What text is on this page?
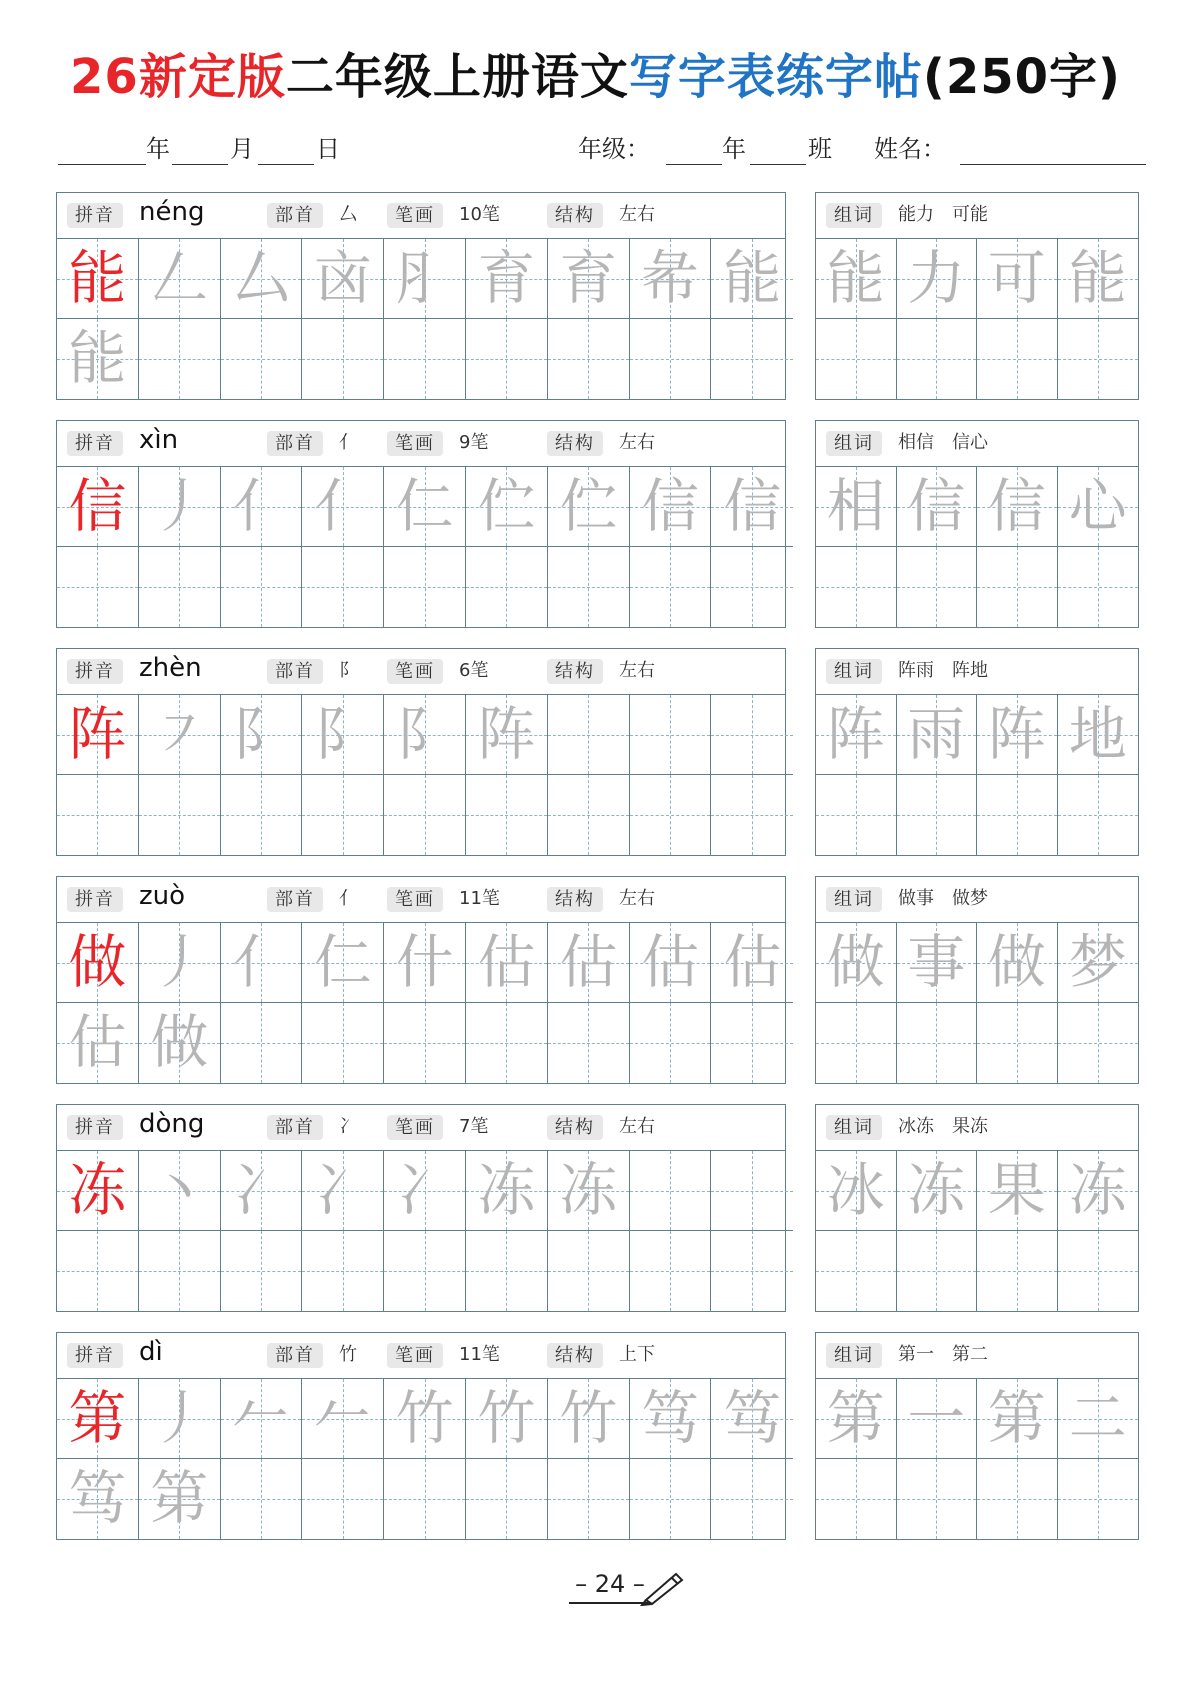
26新定版二年级上册语文写字表练字帖(250字)
年	月	日	年级：	年	班 姓名：
拼音 néng	部首	厶	笔画	10笔	结构	左右
能 𠃋 厶 㐫 ⺼ 育 育 㣇 能
能
组词	能力　可能
能 力 可 能
拼音 xìn	部首	亻	笔画	9笔	结构	左右
信 丿 亻 亻 仁 伫 伫 信 信
组词	相信　信心
相 信 信 心
拼音 zhèn	部首	阝	笔画	6笔	结构	左右
阵 ㇇ 阝 阝 阝 阵
组词	阵雨　阵地
阵 雨 阵 地
拼音 zuò	部首	亻	笔画	11笔	结构	左右
做 丿 亻 仁 什 估 估 估 估
估 做
组词	做事　做梦
做 事 做 梦
拼音 dòng	部首	冫	笔画	7笔	结构	左右
冻 丶 冫 冫 冫 冻 冻
组词	冰冻　果冻
冰 冻 果 冻
拼音 dì	部首	竹	笔画	11笔	结构	上下
第 丿 𠂉 𠂉 竹 竹 竹 笃 笃
笃 第
组词	第一　第二
第 一 第 二
– 24 –
